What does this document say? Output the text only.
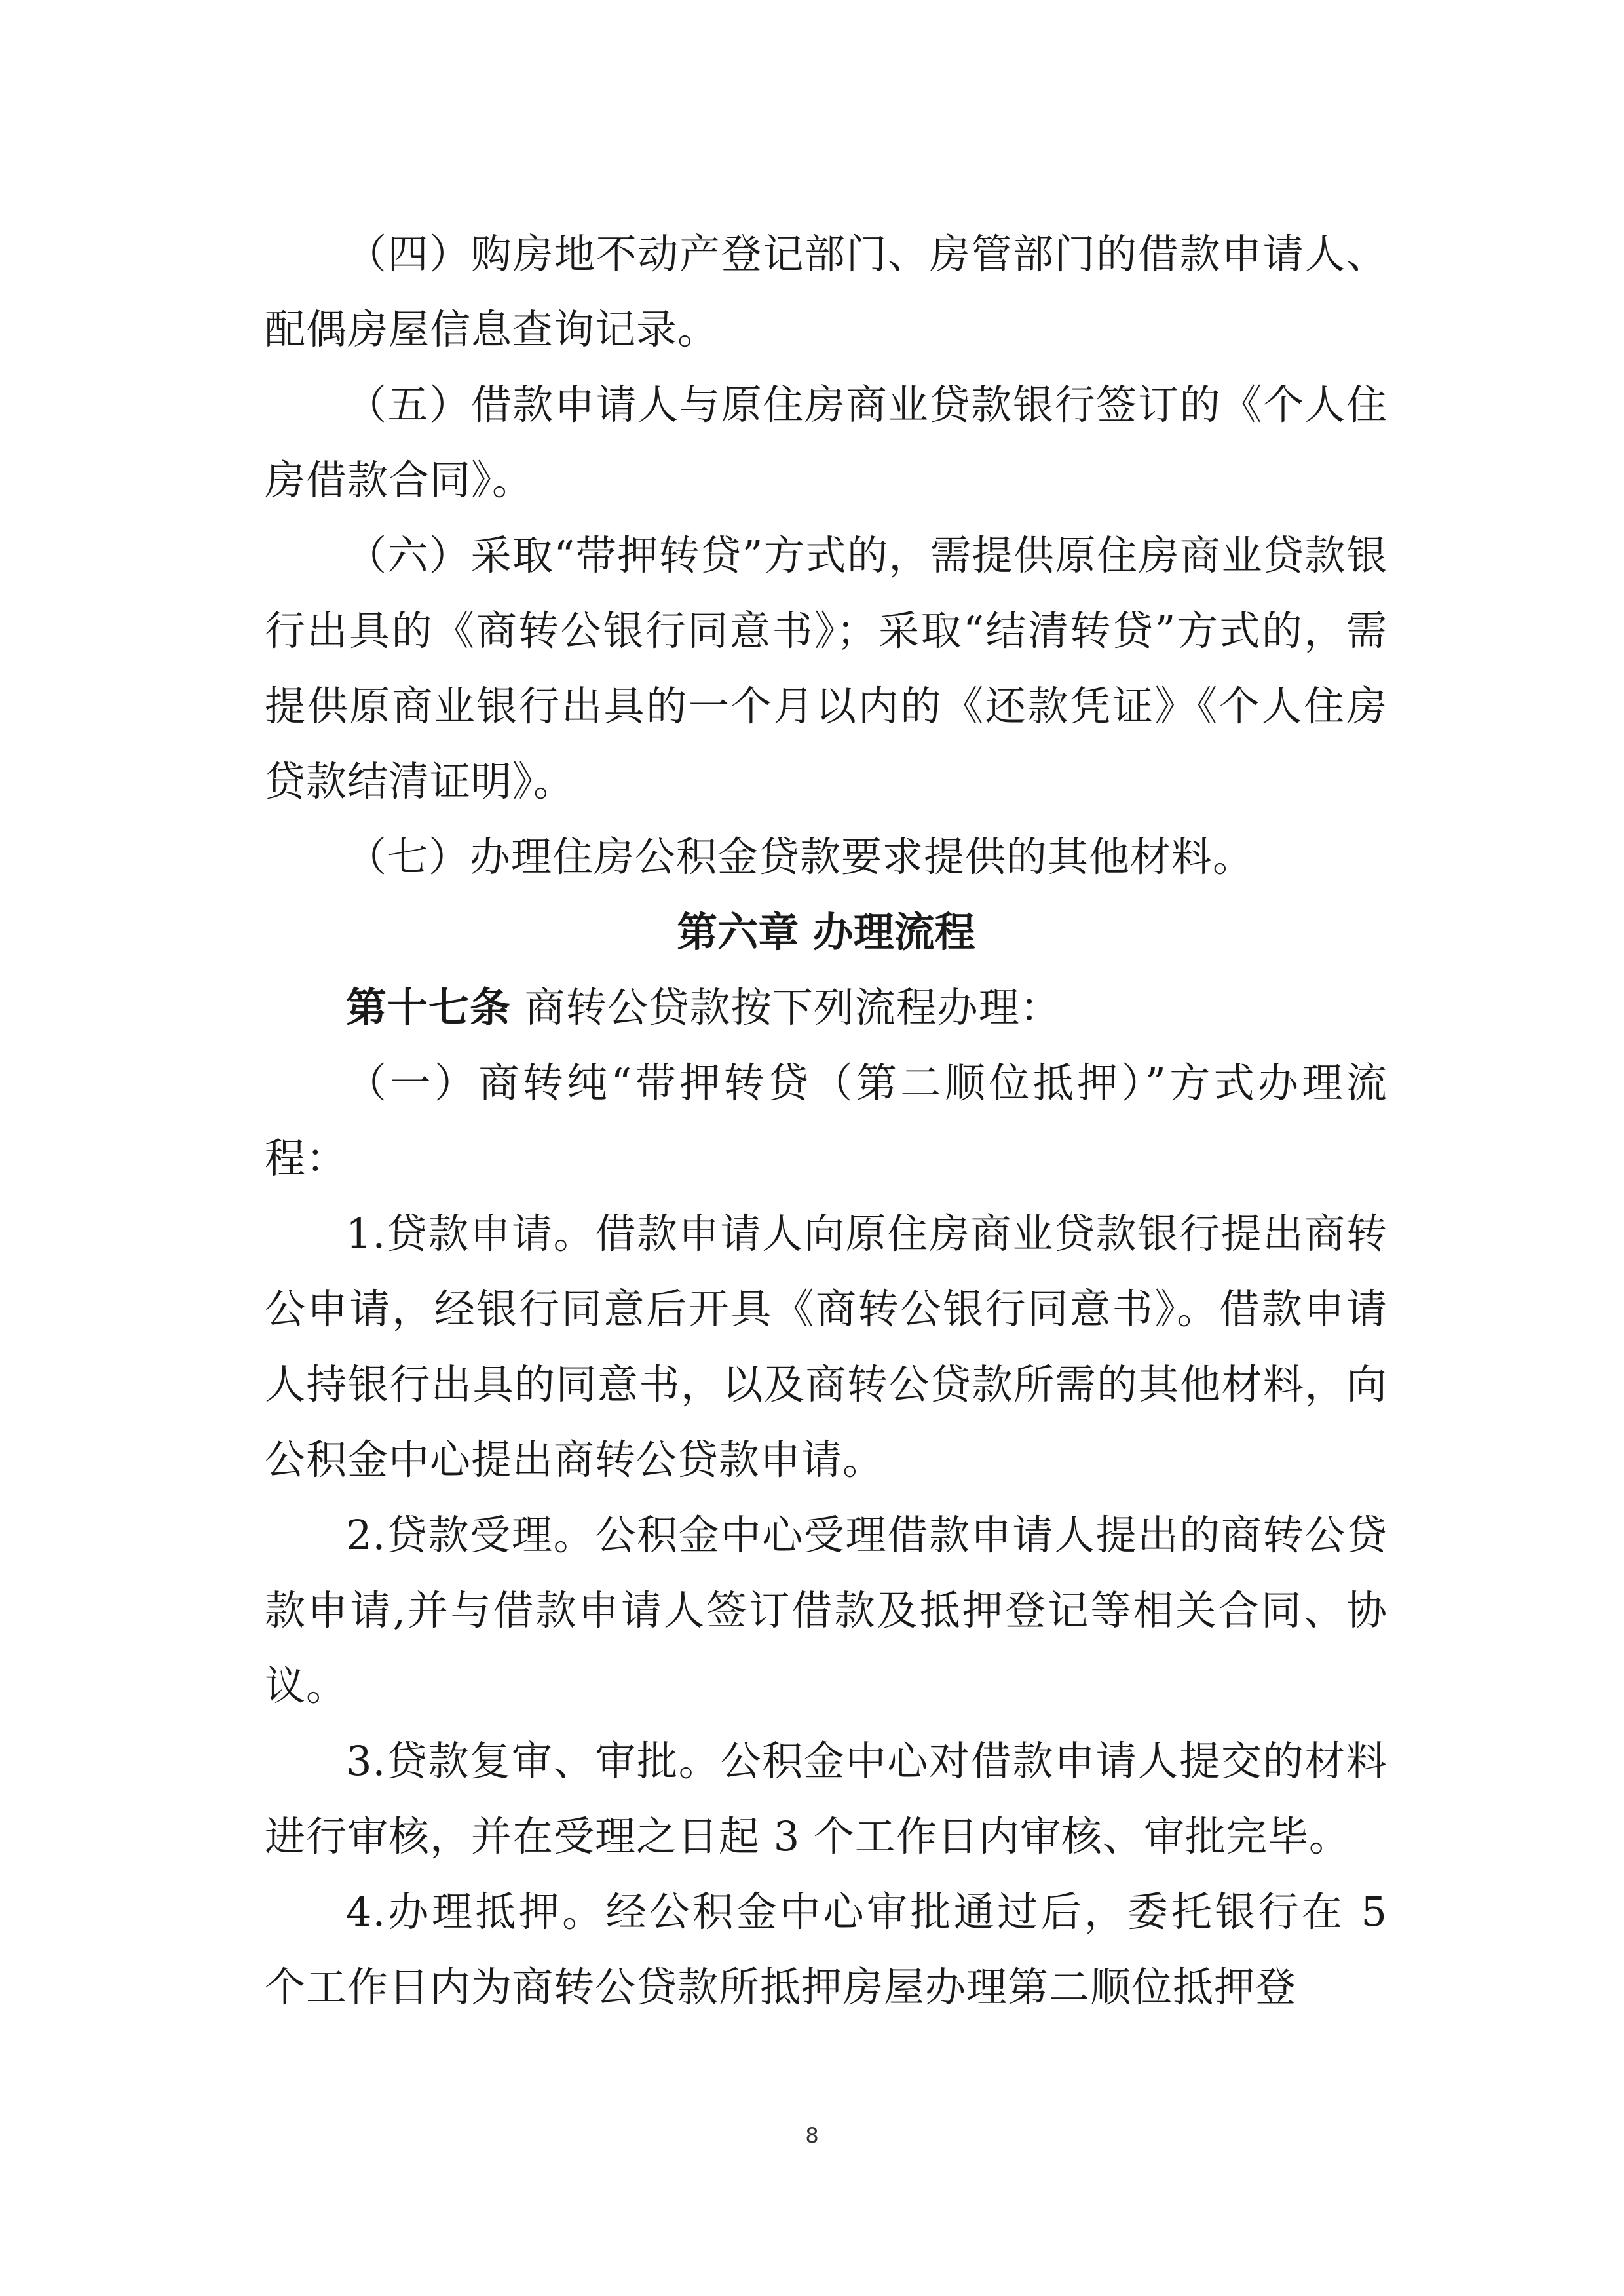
（四）购房地不动产登记部门、房管部门的借款申请人、配偶房屋信息查询记录。

（五）借款申请人与原住房商业贷款银行签订的《个人住房借款合同》。

（六）采取“带押转贷”方式的，需提供原住房商业贷款银行出具的《商转公银行同意书》；采取“结清转贷”方式的，需提供原商业银行出具的一个月以内的《还款凭证》《个人住房贷款结清证明》。

（七）办理住房公积金贷款要求提供的其他材料。

第六章 办理流程

第十七条 商转公贷款按下列流程办理：

（一）商转纯“带押转贷（第二顺位抵押）”方式办理流程：

1.贷款申请。借款申请人向原住房商业贷款银行提出商转公申请，经银行同意后开具《商转公银行同意书》。借款申请人持银行出具的同意书，以及商转公贷款所需的其他材料，向公积金中心提出商转公贷款申请。

2.贷款受理。公积金中心受理借款申请人提出的商转公贷款申请,并与借款申请人签订借款及抵押登记等相关合同、协议。

3.贷款复审、审批。公积金中心对借款申请人提交的材料进行审核，并在受理之日起 3 个工作日内审核、审批完毕。

4.办理抵押。经公积金中心审批通过后，委托银行在 5 个工作日内为商转公贷款所抵押房屋办理第二顺位抵押登

8
